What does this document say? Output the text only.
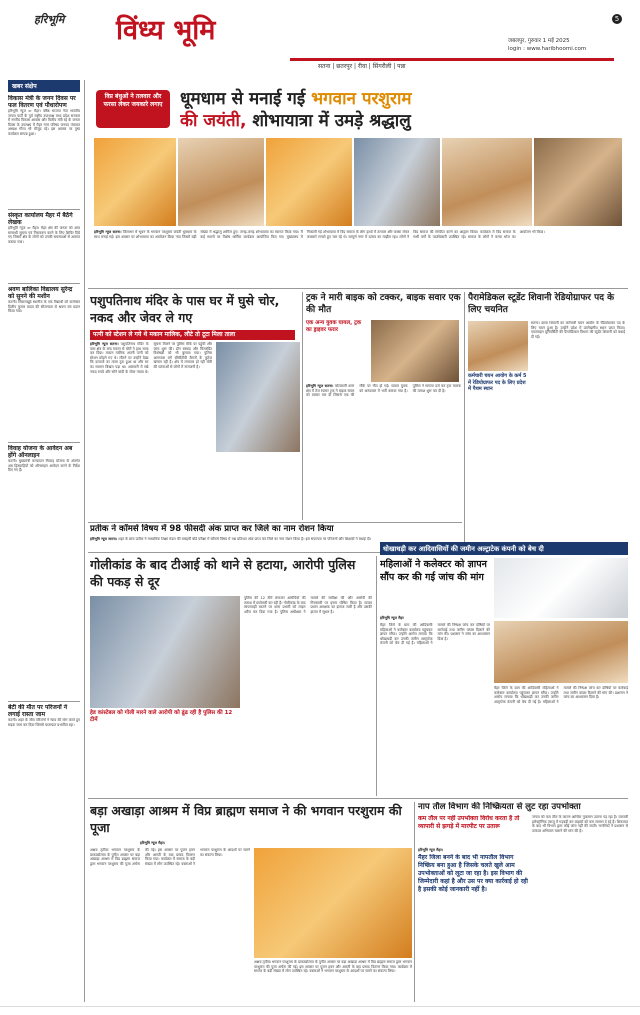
हरिभूमि विंध्य भूमि
सतना | छतरपुर | रीवा | सिंगरौली | पन्ना
जबलपुर, गुरुवार 1 मई 2025
login : www.haribhoomi.com
5
खबर संक्षेप
विकास मंत्री के जनन दिवस पर फल वितरण एवं पौधारोपण
हरिभूमि न्यूज ≫ मैहर। वरिष्ठ भाजपा नेता भारतीय जनता पार्टी के पूर्व राष्ट्रीय उपाध्यक्ष मध्य प्रदेश सरकार में नगरीय विकास आवास और वित्तीय मंत्री रहे के जनता दिवस के उपलक्ष्य में मैहर नगर परिषद जनपद पंचायत अध्यक्ष गौरव भी मौजूद रहे। इस अवसर पर पुष्प कार्यक्रम सम्पन्न हुआ।
संस्कृत कार्यालय मैहर में बैठेंगे लेखक
हरिभूमि न्यूज ≫ मैहर। मैहर क्षेत्र की जनता को आय सम्बन्धी सूचना एवं निराकरण करने के लिए शिविर दिये गए जिसमें क्षेत्र के लोगों को उनकी समस्याओं से अवगत कराया गया।
श्रवण बालिका विद्यालय सुरेन्द्र को सुनने की मशीन
कटनी। सिकराखुर्द स्थानीय के एक विद्यार्थी को कलेक्टर दिलीप कुमार यादव की सौजन्यता से श्रवण यंत्र प्रदान किया गया।
विवाह योजना के आवेदन अब होंगे ऑनलाइन
कटनी। मुख्यमंत्री कन्यादान निकाह योजना के अंतर्गत अब हितग्राहियों को ऑनलाइन आवेदन करने के निर्देश दिए गए हैं।
बेटी की मौत पर परिजनों ने लगाई रास्ता जाम
कटनी। शहर के जीव परिजनों ने न्याय की मांग करते हुए सड़क जाम कर दिया जिससे यातायात प्रभावित रहा।
विप्र बंधुओं ने तलवार और फरसा लेकर जयकारे लगाए	धूमधाम से मनाई गई भगवान परशुराम
की जयंती, शोभायात्रा में उमड़े श्रद्धालु
हरिभूमि न्यूज सतना। जिलाभर में भूधन के भगवान परशुराम जयंती धूमधाम के साथ मनाई गई। इस अवसर पर शोभायात्रा का आयोजन किया गया जिसमें बड़ी संख्या में श्रद्धालु शामिल हुए। जगह-जगह शोभायात्रा का स्वागत किया गया। मैं कई स्थानों पर विशेष धार्मिक कार्यक्रम आयोजित किए गए। मुख्यालय में निकाली गई शोभायात्रा में विप्र समाज के लोग हाथों में तलवार और फरसा लेकर जयकारे लगाते हुए चल रहे थे। सम्पूर्ण नगर में उत्सव का माहौल रहा। लोगों ने विप्र समाज की संगठित करने का आह्वान किया। कार्यक्रम में विप्र समाज के सभी वर्गों के पदाधिकारी उपस्थित रहे। समाज के लोगों ने कन्या भोज का आयोजन भी किया।
पशुपतिनाथ मंदिर के पास घर में घुसे चोर, नकद और जेवर ले गए
पत्नी को स्टेशन ले गये थे मकान मालिक, लौटे तो टूटा मिला ताला
हरिभूमि न्यूज सतना। पशुपतिनाथ मंदिर के पास क्षेत्र के बन्द मकान से चोरों ने हाथ साफ कर दिया। मकान मालिक अपनी पत्नी को स्टेशन छोड़ने गए थे। लौटने पर उन्होंने देखा कि दरवाजे का ताला टूटा हुआ था और घर का सामान बिखरा पड़ा था। अलमारी में रखे नकद रुपये और सोने चांदी के जेवर गायब थे। सूचना मिलने पर पुलिस मौके पर पहुंची और जांच शुरू की। डॉग स्क्वाड और फिंगरप्रिंट विशेषज्ञों को भी बुलाया गया। पुलिस आसपास लगे सीसीटीवी कैमरों के फुटेज खंगाल रही है। क्षेत्र में लगातार हो रही चोरी की घटनाओं से लोगों में नाराजगी है।
ट्रक ने मारी बाइक को टक्कर, बाइक सवार एक की मौत
एक अन्य युवक घायल, ट्रक का ड्राइवर फरार
हरिभूमि न्यूज सतना। कोतवाली थाना क्षेत्र में तेज रफ्तार ट्रक ने बाइक सवार को टक्कर मार दी जिससे एक की मौके पर मौत हो गई। घायल युवक को अस्पताल में भर्ती कराया गया है। पुलिस ने मामला दर्ज कर ट्रक चालक की तलाश शुरू कर दी है।
पैरामेडिकल स्टूडेंट शिवानी रेडियोग्राफर पद के लिए चयनित
कर्मचारी चयन आयोग के कर्म 5 में रेडियोग्राफर पद के लिए प्रदेश में पैथम स्थान
सतना। छात्रा शिवानी का कर्मचारी चयन आयोग के रेडियोग्राफर पद के लिए चयन हुआ है। उन्होंने प्रदेश में उल्लेखनीय स्थान प्राप्त किया। एयरलाइन यूनिवर्सिटी की पैरामेडिकल विभाग की स्टूडेंट शिवानी को बधाई दी गई।
प्रतीक ने कॉमर्स विषय में 98 फीसदी अंक प्राप्त कर जिले का नाम रोशन किया
हरिभूमि न्यूज सतना। शहर के छात्र प्रतीक ने माध्यमिक शिक्षा मंडल की बारहवीं बोर्ड परीक्षा में कॉमर्स विषय में 98 प्रतिशत अंक प्राप्त कर जिले का नाम रोशन किया है। इस सफलता पर परिजनों और शिक्षकों ने बधाई दी।
गोलीकांड के बाद टीआई को थाने से हटाया, आरोपी पुलिस की पकड़ से दूर
हेड कांस्टेबल को गोली मारने वाले आरोपी को ढूंढ रही है पुलिस की 12 टीमें
पुलिस की 12 टीमें लगातार आरोपियों की तलाश में छापेमारी कर रही हैं। गोलीकांड के बाद लापरवाही बरतने पर थाना प्रभारी को लाइन अटैच कर दिया गया है। पुलिस अधीक्षक ने मामले की समीक्षा की और आरोपी की गिरफ्तारी पर इनाम घोषित किया है। घायल प्रधान आरक्षक का इलाज जारी है और उसकी हालत में सुधार है।
धोखाधड़ी कर आदिवासियों की जमीन अल्ट्राटेक कंपनी को बेच दी
महिलाओं ने कलेक्टर को ज्ञापन सौंप कर की गई जांच की मांग
हरिभूमि न्यूज मैहर
मैहर जिले के ग्राम की आदिवासी महिलाओं ने कलेक्टर कार्यालय पहुंचकर ज्ञापन सौंपा। उन्होंने आरोप लगाया कि धोखाधड़ी कर उनकी जमीन अल्ट्राटेक कंपनी को बेच दी गई है। महिलाओं ने मामले की निष्पक्ष जांच कर दोषियों पर कार्रवाई तथा जमीन वापस दिलाने की मांग की। प्रशासन ने जांच का आश्वासन दिया है।
मैहर जिले के ग्राम की आदिवासी महिलाओं ने कलेक्टर कार्यालय पहुंचकर ज्ञापन सौंपा। उन्होंने आरोप लगाया कि धोखाधड़ी कर उनकी जमीन अल्ट्राटेक कंपनी को बेच दी गई है। महिलाओं ने मामले की निष्पक्ष जांच कर दोषियों पर कार्रवाई तथा जमीन वापस दिलाने की मांग की। प्रशासन ने जांच का आश्वासन दिया है।
बड़ा अखाड़ा आश्रम में विप्र ब्राह्मण समाज ने की भगवान परशुराम की पूजा
हरिभूमि न्यूज मैहर।
अक्षय तृतीया भगवान परशुराम के प्राकट्योत्सव के पुनीत अवसर पर बड़ा अखाड़ा आश्रम में विप्र ब्राह्मण समाज द्वारा भगवान परशुराम की पूजा अर्चना की गई। इस अवसर पर पूजन हवन और आरती के बाद प्रसाद वितरण किया गया। कार्यक्रम में समाज के बड़ी संख्या में लोग उपस्थित रहे। वक्ताओं ने भगवान परशुराम के आदर्शों पर चलने का संकल्प लिया।
अक्षय तृतीया भगवान परशुराम के प्राकट्योत्सव के पुनीत अवसर पर बड़ा अखाड़ा आश्रम में विप्र ब्राह्मण समाज द्वारा भगवान परशुराम की पूजा अर्चना की गई। इस अवसर पर पूजन हवन और आरती के बाद प्रसाद वितरण किया गया। कार्यक्रम में समाज के बड़ी संख्या में लोग उपस्थित रहे। वक्ताओं ने भगवान परशुराम के आदर्शों पर चलने का संकल्प लिया।
नाप तौल विभाग की निष्क्रियता से लुट रहा उपभोक्ता
कम तौल पर नहीं उपभोक्ता विरोध करता है तो व्यापारी से झगड़े में मारपीट पर उतारू
हरिभूमि न्यूज मैहर।
मैहर जिला बनने के बाद भी नापतौल विभाग निष्क्रिय बना हुआ है जिसके चलते खुले आम उपभोक्ताओं को लूटा जा रहा है। इस विभाग की जिम्मेदारी कहां है और उस पर क्या कार्रवाई हो रही है इसकी कोई जानकारी नहीं है।
जनता को कम तौल के कारण आर्थिक नुकसान उठाना पड़ रहा है। व्यापारी इलेक्ट्रॉनिक तराजू में गड़बड़ी कर ग्राहकों को कम सामान दे रहे हैं। शिकायत के बाद भी विभाग द्वारा कोई जांच नहीं की जाती। नागरिकों ने प्रशासन से तत्काल अभियान चलाने की मांग की है।
